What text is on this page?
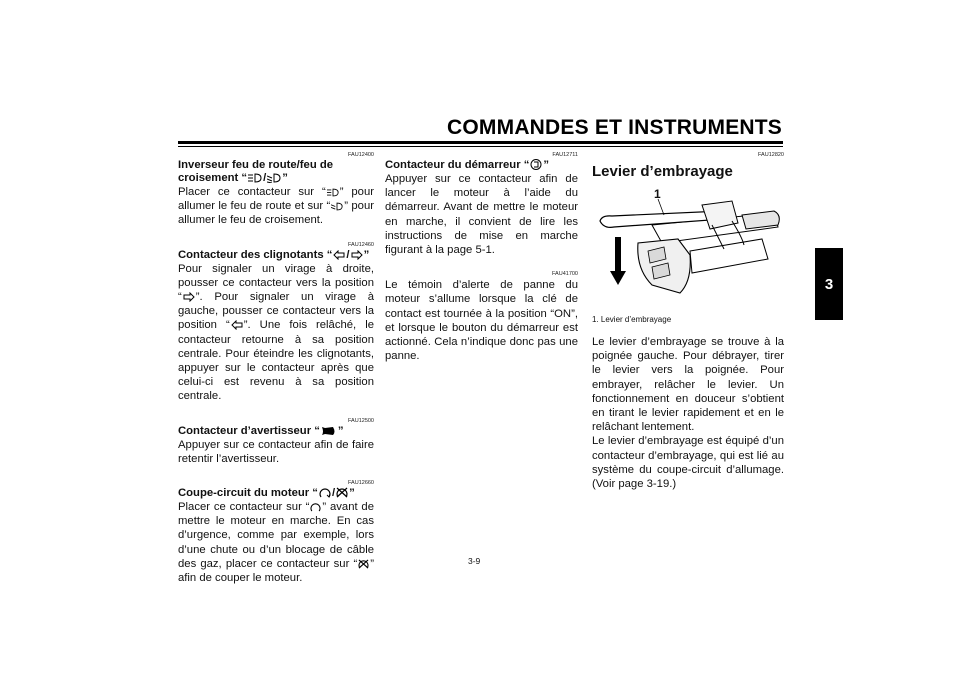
COMMANDES ET INSTRUMENTS
3
FAU12400
Inverseur feu de route/feu de
croisement “ / ”
Placer ce contacteur sur “ ” pour allumer le feu de route et sur “ ” pour allumer le feu de croisement.
FAU12460
Contacteur des clignotants “ / ”
Pour signaler un virage à droite, pousser ce contacteur vers la position “ ”. Pour signaler un virage à gauche, pousser ce contacteur vers la position “ ”. Une fois relâché, le contacteur retourne à sa position centrale. Pour éteindre les clignotants, appuyer sur le contacteur après que celui-ci est revenu à sa position centrale.
FAU12500
Contacteur d’avertisseur “ ”
Appuyer sur ce contacteur afin de faire retentir l’avertisseur.
FAU12660
Coupe-circuit du moteur “ / ”
Placer ce contacteur sur “ ” avant de mettre le moteur en marche. En cas d’urgence, comme par exemple, lors d’une chute ou d’un blocage de câble des gaz, placer ce contacteur sur “ ” afin de couper le moteur.
FAU12711
Contacteur du démarreur “ ”
Appuyer sur ce contacteur afin de lancer le moteur à l’aide du démarreur. Avant de mettre le moteur en marche, il convient de lire les instructions de mise en marche figurant à la page 5-1.
FAU41700
Le témoin d’alerte de panne du moteur s’allume lorsque la clé de contact est tournée à la position “ON”, et lorsque le bouton du démarreur est actionné. Cela n’indique donc pas une panne.
FAU12820
Levier d’embrayage
1
1. Levier d’embrayage
Le levier d’embrayage se trouve à la poignée gauche. Pour débrayer, tirer le levier vers la poignée. Pour embrayer, relâcher le levier. Un fonctionnement en douceur s’obtient en tirant le levier rapidement et en le relâchant lentement.
Le levier d’embrayage est équipé d’un contacteur d’embrayage, qui est lié au système du coupe-circuit d’allumage. (Voir page 3-19.)
3-9
